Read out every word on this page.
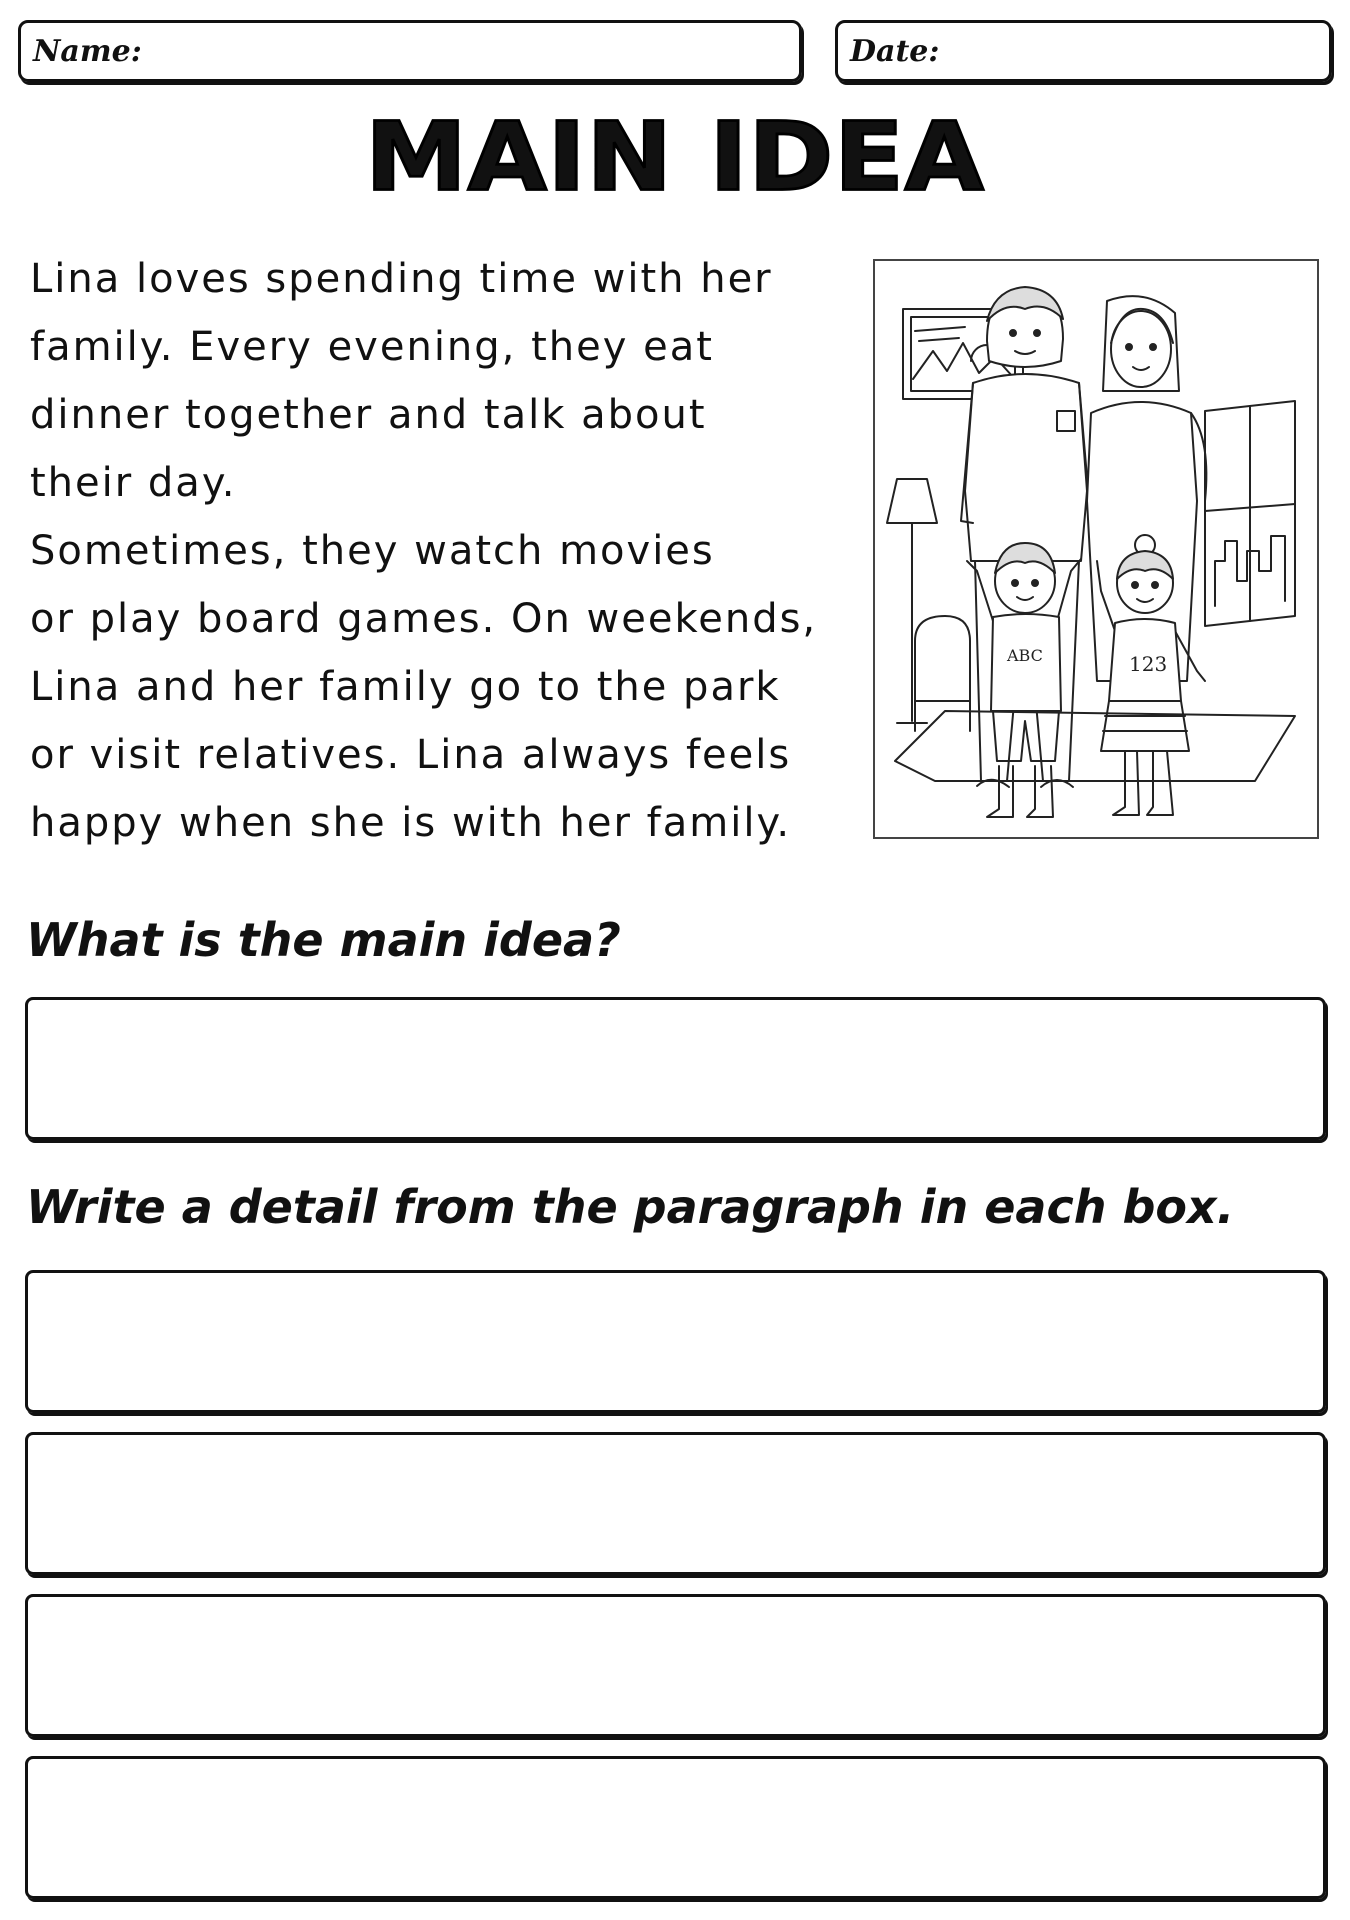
Name:	Date:
MAIN IDEA

Lina loves spending time with her
family. Every evening, they eat
dinner together and talk about
their day.
Sometimes, they watch movies
or play board games. On weekends,
Lina and her family go to the park
or visit relatives. Lina always feels
happy when she is with her family.

ABC	123
What is the main idea?
Write a detail from the paragraph in each box.
